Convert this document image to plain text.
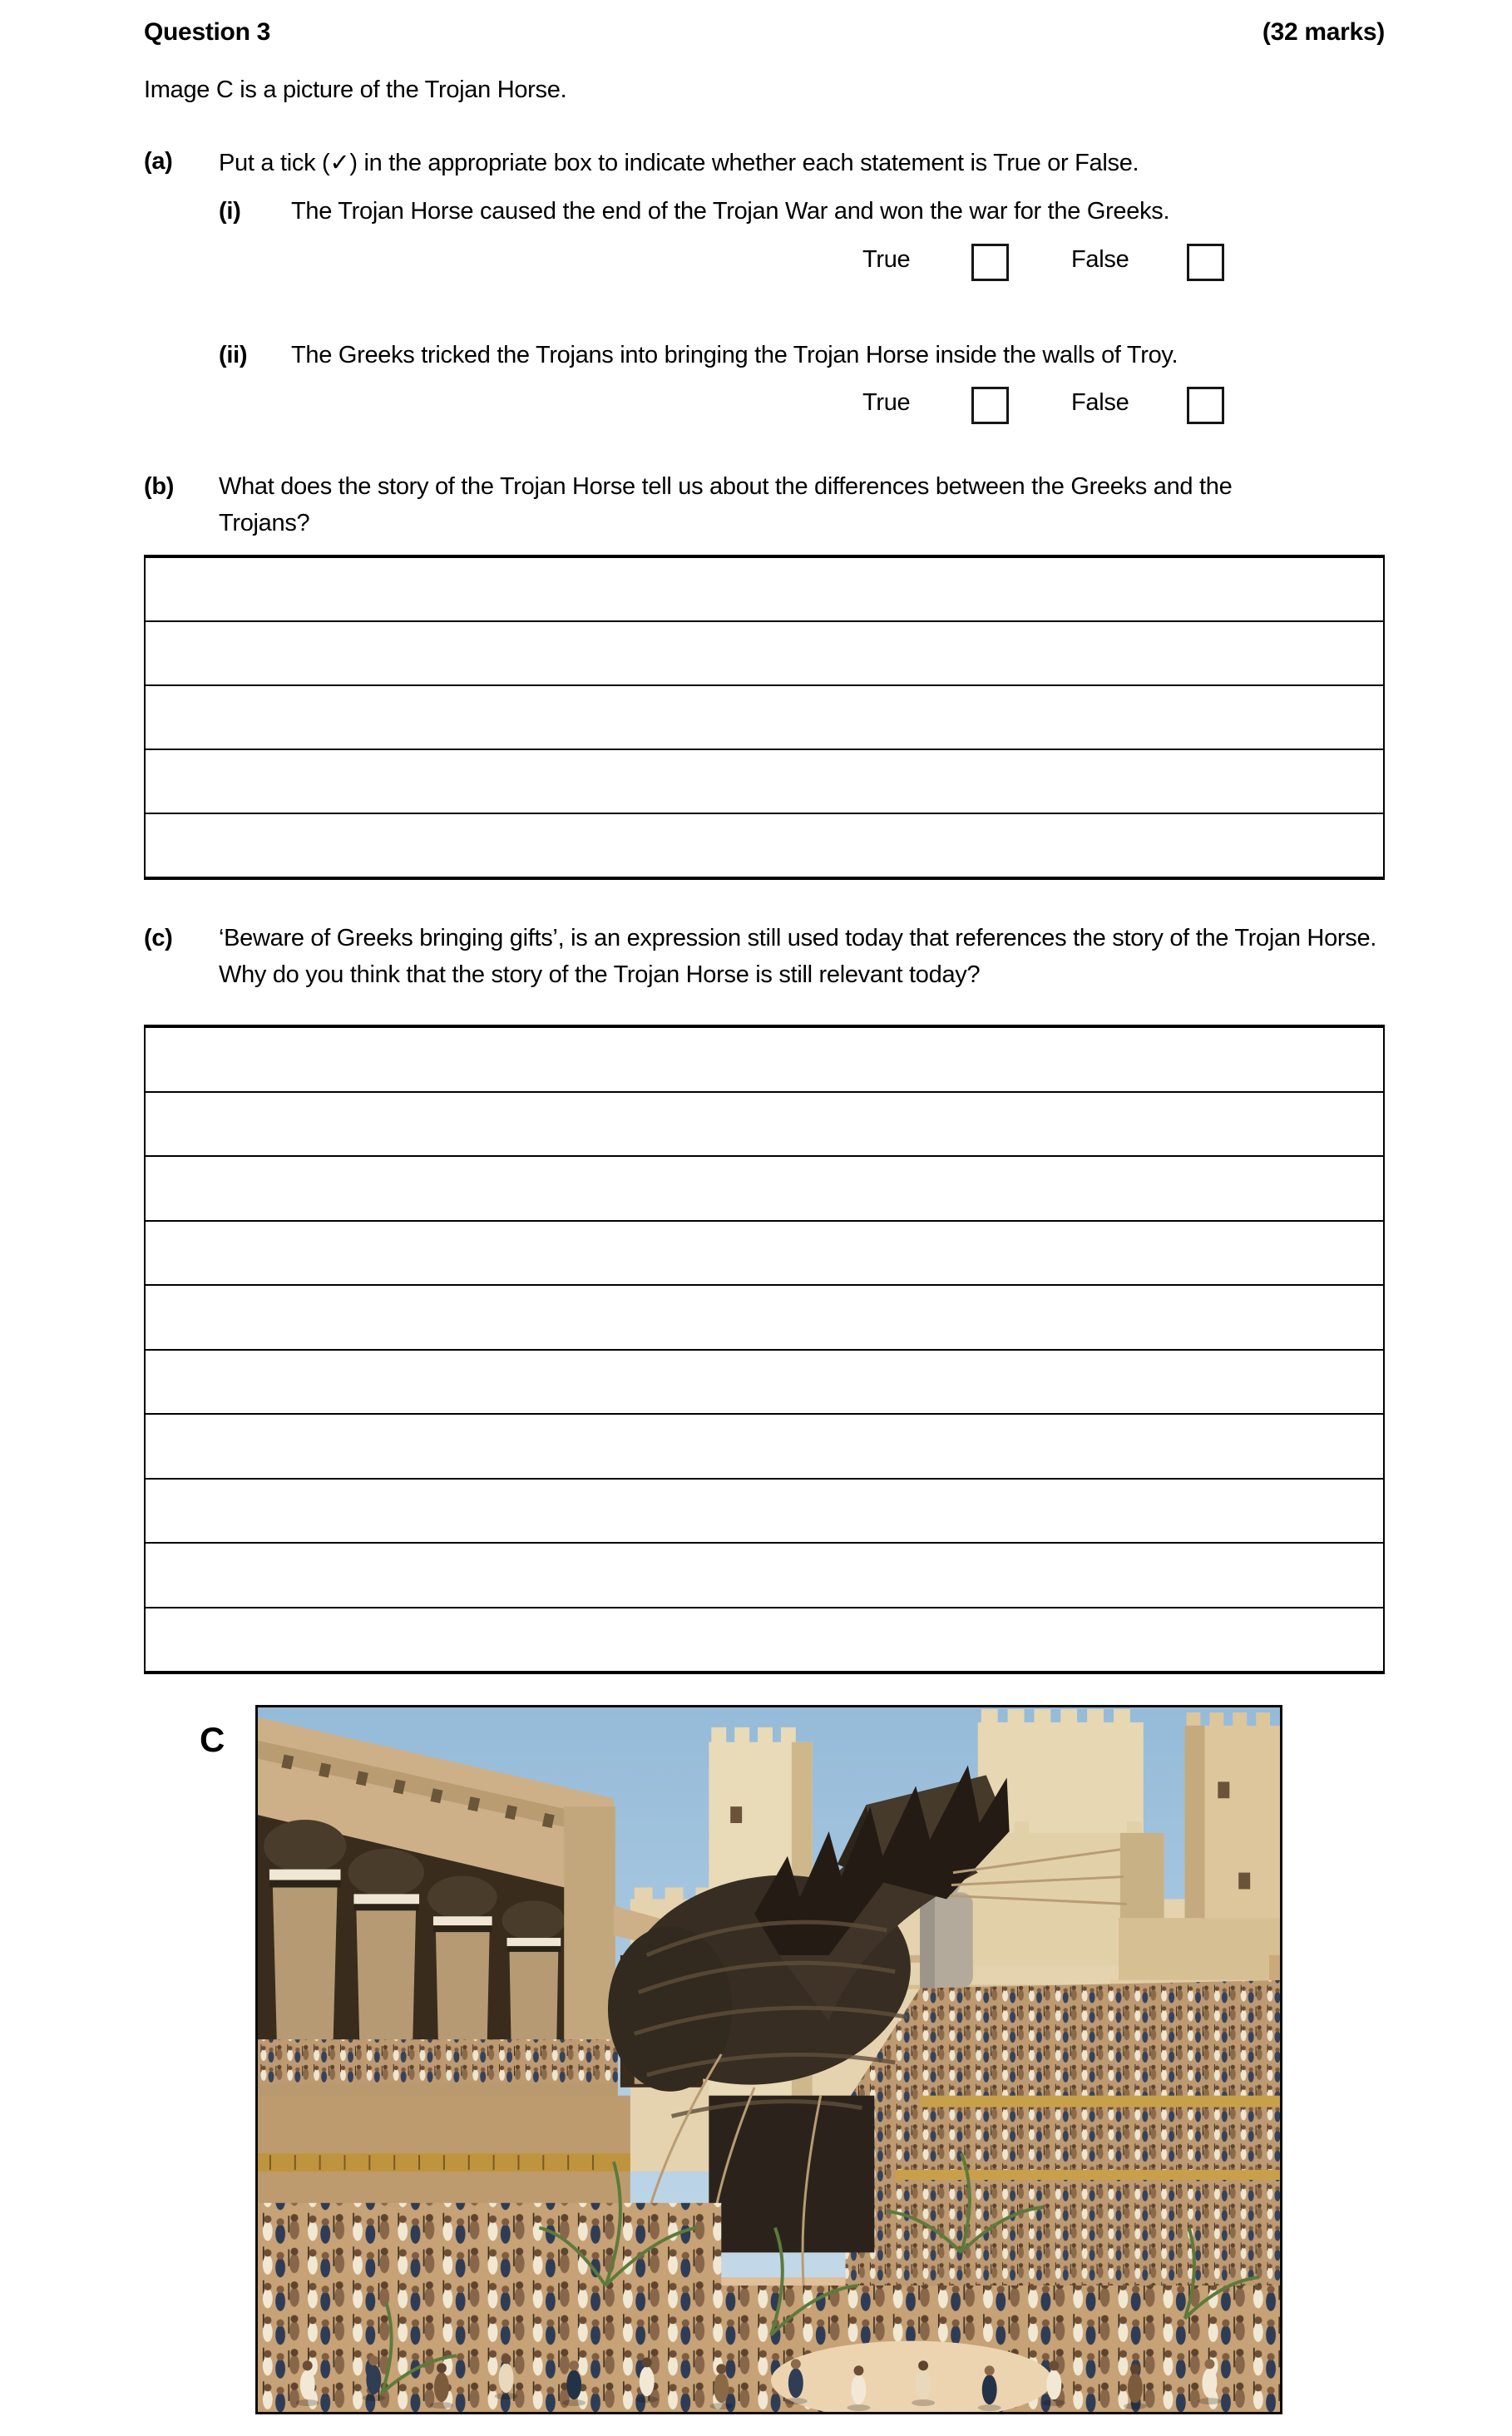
Question 3	(32 marks)
Image C is a picture of the Trojan Horse.
(a)	Put a tick (✓) in the appropriate box to indicate whether each statement is True or False.
(i)	The Trojan Horse caused the end of the Trojan War and won the war for the Greeks.
True	False
(ii)	The Greeks tricked the Trojans into bringing the Trojan Horse inside the walls of Troy.
True	False
(b)	What does the story of the Trojan Horse tell us about the differences between the Greeks and the Trojans?
(c)	‘Beware of Greeks bringing gifts’, is an expression still used today that references the story of the Trojan Horse. Why do you think that the story of the Trojan Horse is still relevant today?
C
